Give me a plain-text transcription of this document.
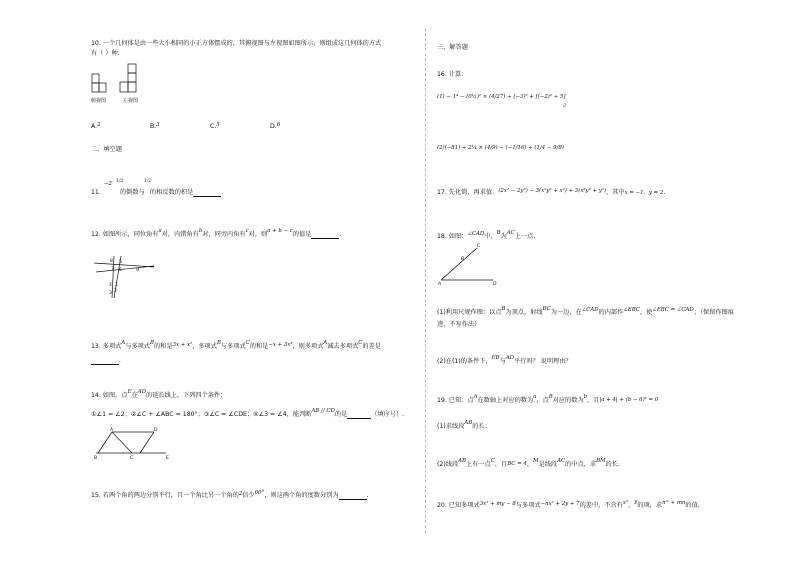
10. 一个几何体是由一些大小相同的小正方体摆成的，其俯视图与左视图如图所示，则组成这几何体的方式
有（ ）种.
俯视图	左视图
A.2	B.3	C.5	D.6
二、填空题
11.
−2 1/2
的倒数与
1/2
的相反数的积是	.
12. 如图所示，同位角有a对，内错角有b对，同旁内角有c对，则a + b − c的值是	.
8 5
7 6	9
4 1
3 2
13. 多项式A与多项式B的和是3x + x²，多项式B与多项式C的和是−x + 3x²，则多项式A减去多项式C的差是
.
14. 如图，点E在AD的延长线上，下列四个条件：
①∠1 = ∠2；②∠C + ∠ABC = 180°；③∠C = ∠CDE；④∠3 = ∠4，能判断AB // CD的是	（填序号）.
A	D
B	C	E
15. 若两个角的两边分别平行，且一个角比另一个角的2倍少60°，则这两个角的度数分别为	.
三、解答题
16. 计算：
(1) − 1⁴ − (0½)² × (4/27) ÷ (−3)² + [(−2)² ÷ 5]
3
(2)(−81) ÷ 2¼ × (4/9) − (−1/16) ÷ (1/4 − 9/8)
17. 先化简，再求值：(2x² − 2y²) − 3(x²y² + x²) + 3(x²y² + y²)，其中x = −1，y = 2.
18. 如图：∠CAD中，B为AC上一点.
C
B
A	D
(1)利用尺规作图：以点B为顶点，射线BC为一边，在∠CAD的内部作∠EBC，使∠EBC = ∠CAD；（保留作图痕
迹，不写作法）
(2)在(1)的条件下，EB与AD平行吗？ 说明理由？
19. 已知：点A在数轴上对应的数为a，点B对应的数为b，且|a + 4| + (b − 6)² = 0
(1)求线段AB的长；
(2)线段AB上有一点C，且BC = 4，M是线段AC的中点，求BM的长.
20. 已知多项式3x² + my − 8与多项式−nx² + 2y + 7的差中，不含有x²，y的项，求nᵐ + mn的值.
